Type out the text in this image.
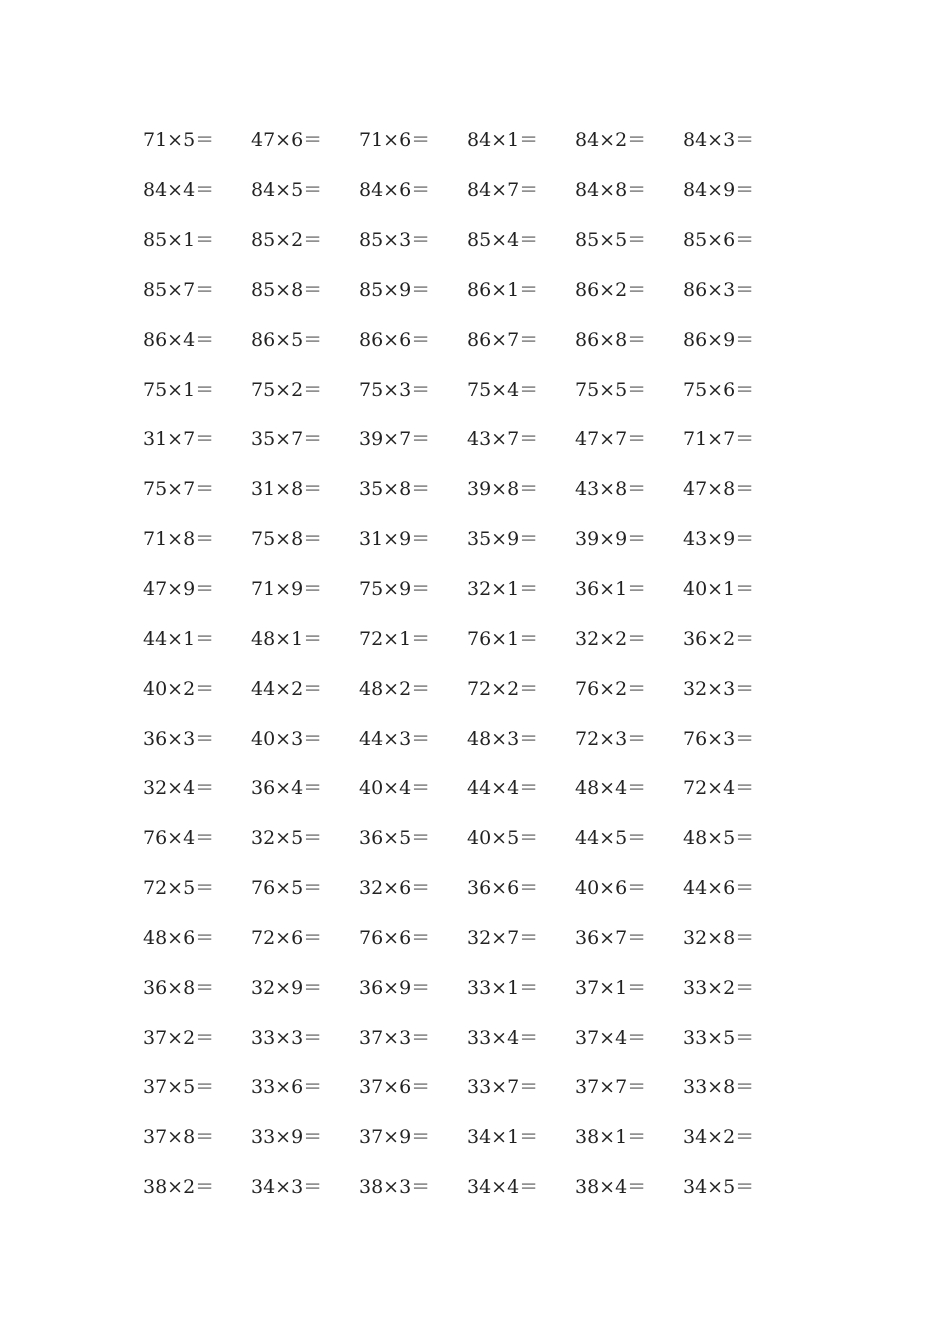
71×5＝	47×6＝	71×6＝	84×1＝	84×2＝	84×3＝
84×4＝	84×5＝	84×6＝	84×7＝	84×8＝	84×9＝
85×1＝	85×2＝	85×3＝	85×4＝	85×5＝	85×6＝
85×7＝	85×8＝	85×9＝	86×1＝	86×2＝	86×3＝
86×4＝	86×5＝	86×6＝	86×7＝	86×8＝	86×9＝
75×1＝	75×2＝	75×3＝	75×4＝	75×5＝	75×6＝
31×7＝	35×7＝	39×7＝	43×7＝	47×7＝	71×7＝
75×7＝	31×8＝	35×8＝	39×8＝	43×8＝	47×8＝
71×8＝	75×8＝	31×9＝	35×9＝	39×9＝	43×9＝
47×9＝	71×9＝	75×9＝	32×1＝	36×1＝	40×1＝
44×1＝	48×1＝	72×1＝	76×1＝	32×2＝	36×2＝
40×2＝	44×2＝	48×2＝	72×2＝	76×2＝	32×3＝
36×3＝	40×3＝	44×3＝	48×3＝	72×3＝	76×3＝
32×4＝	36×4＝	40×4＝	44×4＝	48×4＝	72×4＝
76×4＝	32×5＝	36×5＝	40×5＝	44×5＝	48×5＝
72×5＝	76×5＝	32×6＝	36×6＝	40×6＝	44×6＝
48×6＝	72×6＝	76×6＝	32×7＝	36×7＝	32×8＝
36×8＝	32×9＝	36×9＝	33×1＝	37×1＝	33×2＝
37×2＝	33×3＝	37×3＝	33×4＝	37×4＝	33×5＝
37×5＝	33×6＝	37×6＝	33×7＝	37×7＝	33×8＝
37×8＝	33×9＝	37×9＝	34×1＝	38×1＝	34×2＝
38×2＝	34×3＝	38×3＝	34×4＝	38×4＝	34×5＝
